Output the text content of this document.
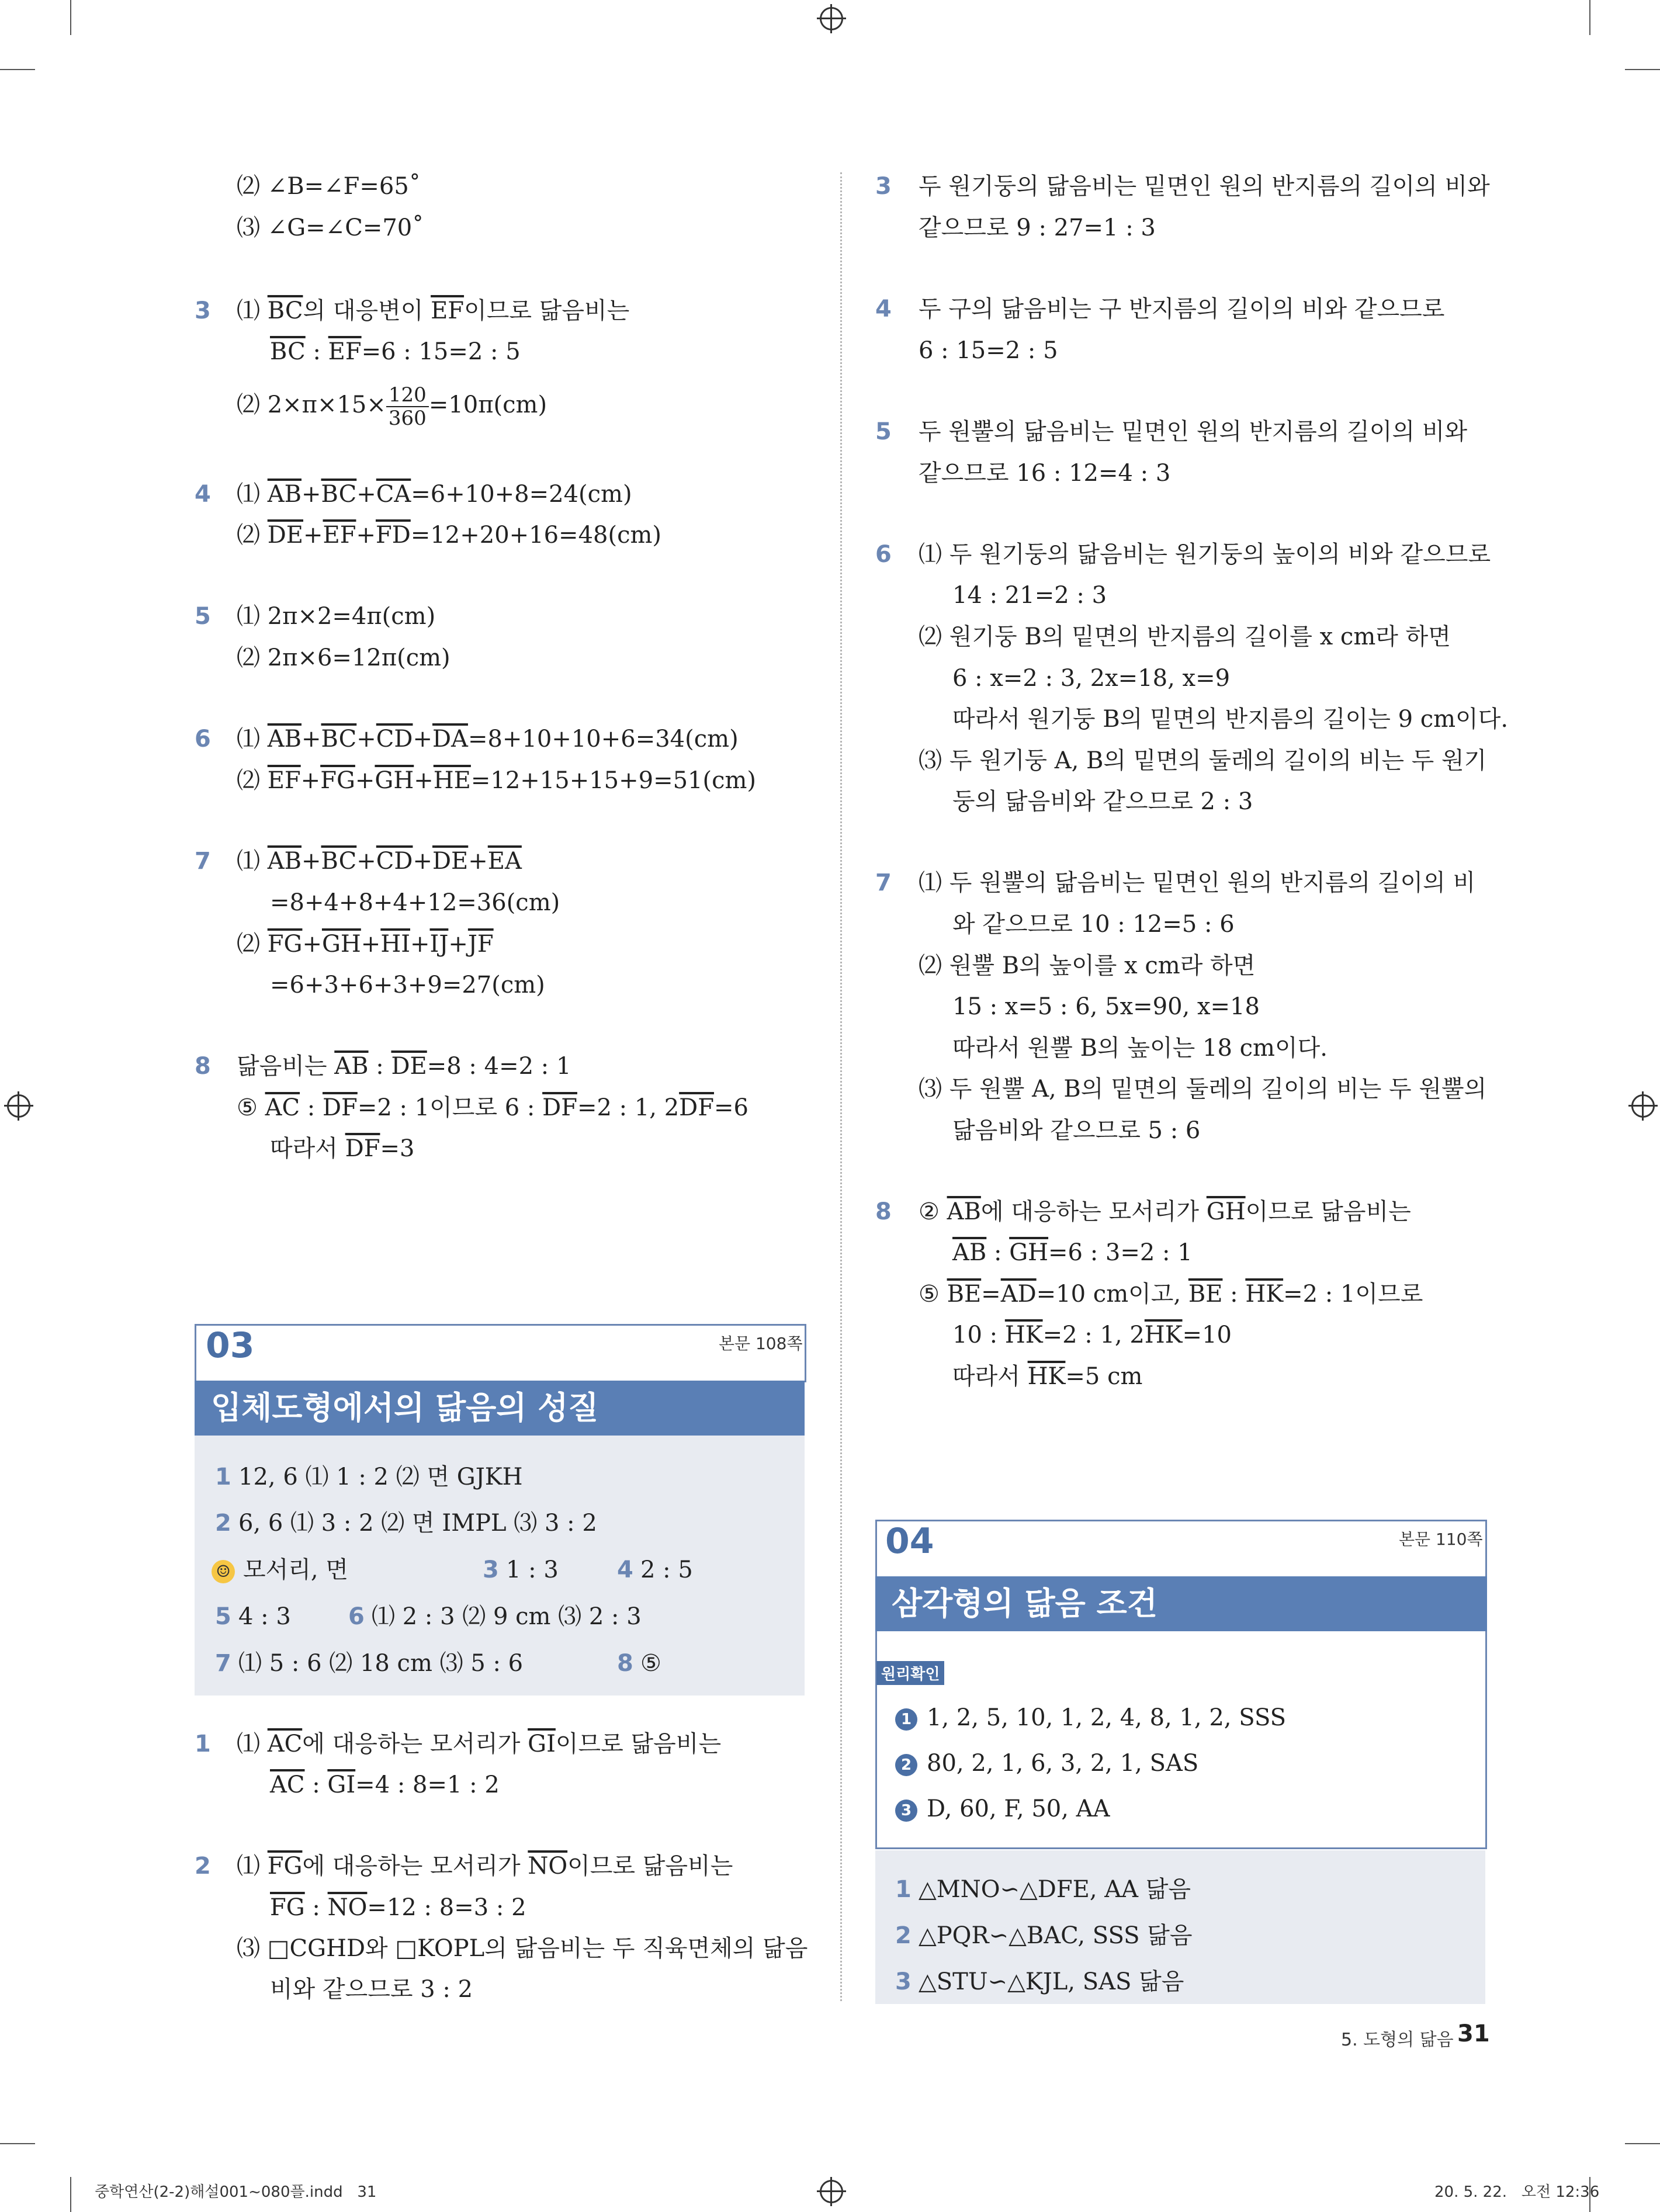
⑵ ∠B=∠F=65˚
⑶ ∠G=∠C=70˚
3 ⑴ $\overline{BC}$의 대응변이 $\overline{EF}$이므로 닮음비는
$\overline{BC}$ : $\overline{EF}=6$ : 15=2 : 5
⑵ $2\times\pi\times 15\times \frac{120}{360} =10\pi(cm)$
4 ⑴ $\overline{AB}+\overline{BC}+\overline{CA}=6+10+8=24(cm)$
⑵ $\overline{DE}+\overline{EF}+\overline{FD}=12+20+16=48(cm)$
5 ⑴ 2π×2=4π(cm)
⑵ 2π×6=12π(cm)
6 ⑴ $\overline{AB}+\overline{BC}+\overline{CD}+\overline{DA}=8+10+10+6=34(cm)$
⑵ $\overline{EF}+\overline{FG}+\overline{GH}+\overline{HE}=12+15+15+9=51(cm)$
7 ⑴ $\overline{AB}+\overline{BC}+\overline{CD}+\overline{DE}+\overline{EA}$
=8+4+8+4+12=36(cm)
⑵ $\overline{FG}+\overline{GH}+\overline{HI}+\overline{IJ}+\overline{JF}$
=6+3+6+3+9=27(cm)
8 닮음비는 $\overline{AB}$ : $\overline{DE}=8$ : 4=2 : 1
⑤ $\overline{AC}$ : $\overline{DF}=2$ : 1이므로 6 : $\overline{DF}=2$ : 1, $2\overline{DF}=6$
따라서 $\overline{DF}=3$
03	본문 108쪽
입체도형에서의 닮음의 성질
1 12, 6 ⑴ 1 : 2 ⑵ 면 GJKH
2 6, 6 ⑴ 3 : 2 ⑵ 면 IMPL ⑶ 3 : 2
☺ 모서리, 면	3 1 : 3	4 2 : 5
5 4 : 3 6 ⑴ 2 : 3 ⑵ 9 cm ⑶ 2 : 3
7 ⑴ 5 : 6 ⑵ 18 cm ⑶ 5 : 6	8 ⑤
1 ⑴ $\overline{AC}$에 대응하는 모서리가 $\overline{GI}$이므로 닮음비는
$\overline{AC}$ : $\overline{GI}=4$ : 8=1 : 2
2 ⑴ $\overline{FG}$에 대응하는 모서리가 $\overline{NO}$이므로 닮음비는
$\overline{FG}$ : $\overline{NO}=12$ : 8=3 : 2
⑶ □CGHD와 □KOPL의 닮음비는 두 직육면체의 닮음
비와 같으므로 3 : 2
3 두 원기둥의 닮음비는 밑면인 원의 반지름의 길이의 비와
같으므로 9 : 27=1 : 3
4 두 구의 닮음비는 구 반지름의 길이의 비와 같으므로
6 : 15=2 : 5
5 두 원뿔의 닮음비는 밑면인 원의 반지름의 길이의 비와
같으므로 16 : 12=4 : 3
6 ⑴ 두 원기둥의 닮음비는 원기둥의 높이의 비와 같으므로
14 : 21=2 : 3
⑵ 원기둥 B의 밑면의 반지름의 길이를 x cm라 하면
6 : x=2 : 3, 2x=18, x=9
따라서 원기둥 B의 밑면의 반지름의 길이는 9 cm이다.
⑶ 두 원기둥 A, B의 밑면의 둘레의 길이의 비는 두 원기
둥의 닮음비와 같으므로 2 : 3
7 ⑴ 두 원뿔의 닮음비는 밑면인 원의 반지름의 길이의 비
와 같으므로 10 : 12=5 : 6
⑵ 원뿔 B의 높이를 x cm라 하면
15 : x=5 : 6, 5x=90, x=18
따라서 원뿔 B의 높이는 18 cm이다.
⑶ 두 원뿔 A, B의 밑면의 둘레의 길이의 비는 두 원뿔의
닮음비와 같으므로 5 : 6
8 ② $\overline{AB}$에 대응하는 모서리가 $\overline{GH}$이므로 닮음비는
$\overline{AB}$ : $\overline{GH}=6$ : 3=2 : 1
⑤ $\overline{BE}=\overline{AD}=10$ cm이고, $\overline{BE}$ : $\overline{HK}=2$ : 1이므로
10 : $\overline{HK}=2$ : 1, $2\overline{HK}=10$
따라서 $\overline{HK}=5$ cm
04	본문 110쪽
삼각형의 닮음 조건
원리확인
1 1, 2, 5, 10, 1, 2, 4, 8, 1, 2, SSS
2 80, 2, 1, 6, 3, 2, 1, SAS
3 D, 60, F, 50, AA
1 △MNO∽△DFE, AA 닮음
2 △PQR∽△BAC, SSS 닮음
3 △STU∽△KJL, SAS 닮음
5. 도형의 닮음 31
중학연산(2-2)해설001~080플.indd   31	20. 5. 22.   오전 12:36
